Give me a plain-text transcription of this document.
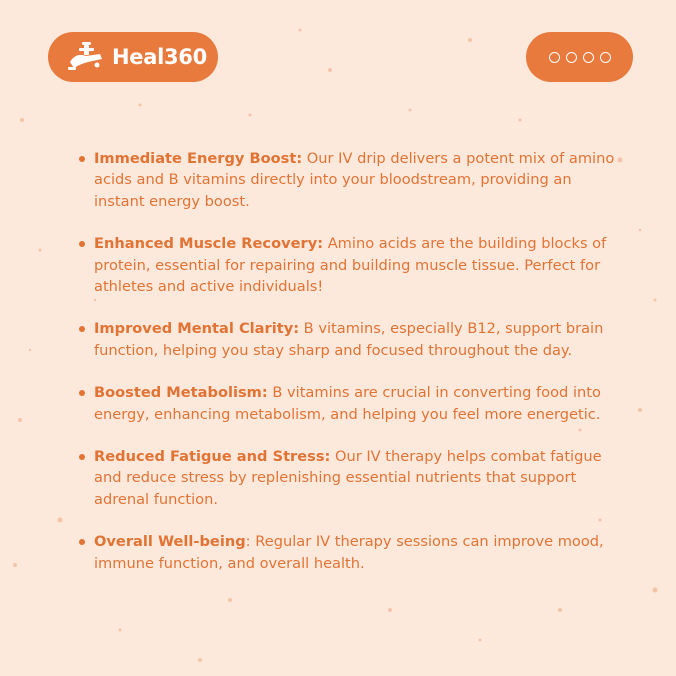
Heal360
Immediate Energy Boost: Our IV drip delivers a potent mix of amino acids and B vitamins directly into your bloodstream, providing an instant energy boost.
Enhanced Muscle Recovery: Amino acids are the building blocks of protein, essential for repairing and building muscle tissue. Perfect for athletes and active individuals!
Improved Mental Clarity: B vitamins, especially B12, support brain function, helping you stay sharp and focused throughout the day.
Boosted Metabolism: B vitamins are crucial in converting food into energy, enhancing metabolism, and helping you feel more energetic.
Reduced Fatigue and Stress: Our IV therapy helps combat fatigue and reduce stress by replenishing essential nutrients that support adrenal function.
Overall Well-being: Regular IV therapy sessions can improve mood, immune function, and overall health.
